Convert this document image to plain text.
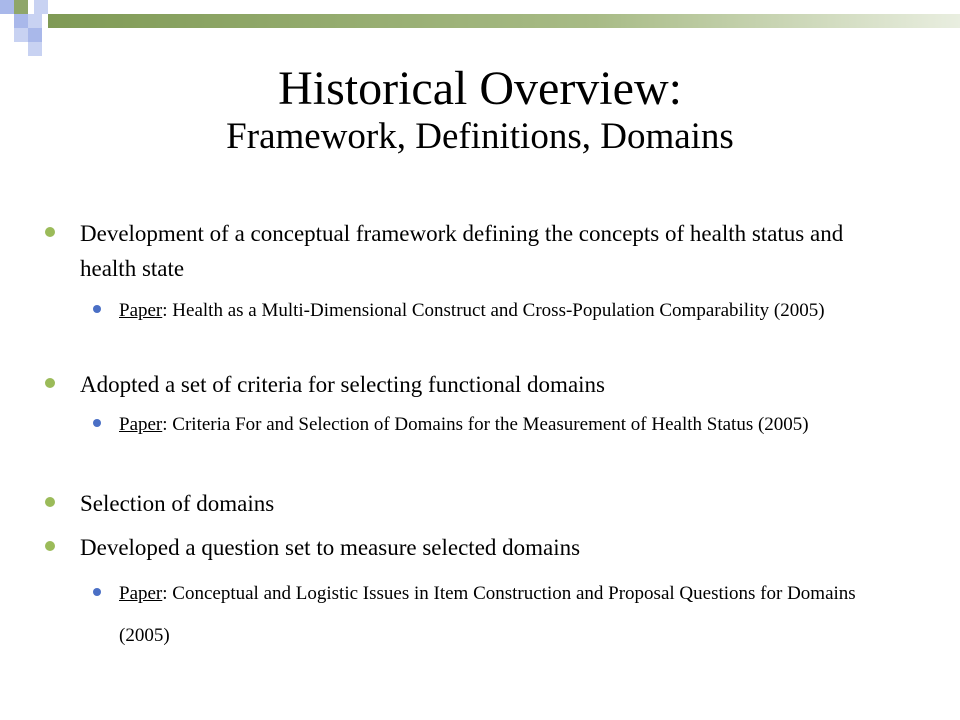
Historical Overview:
Framework, Definitions, Domains
Development of a conceptual framework defining the concepts of health status and health state
Paper: Health as a Multi-Dimensional Construct and Cross-Population Comparability (2005)
Adopted a set of criteria for selecting functional domains
Paper: Criteria For and Selection of Domains for the Measurement of Health Status (2005)
Selection of domains
Developed a question set to measure selected domains
Paper: Conceptual and Logistic Issues in Item Construction and Proposal Questions for Domains (2005)
